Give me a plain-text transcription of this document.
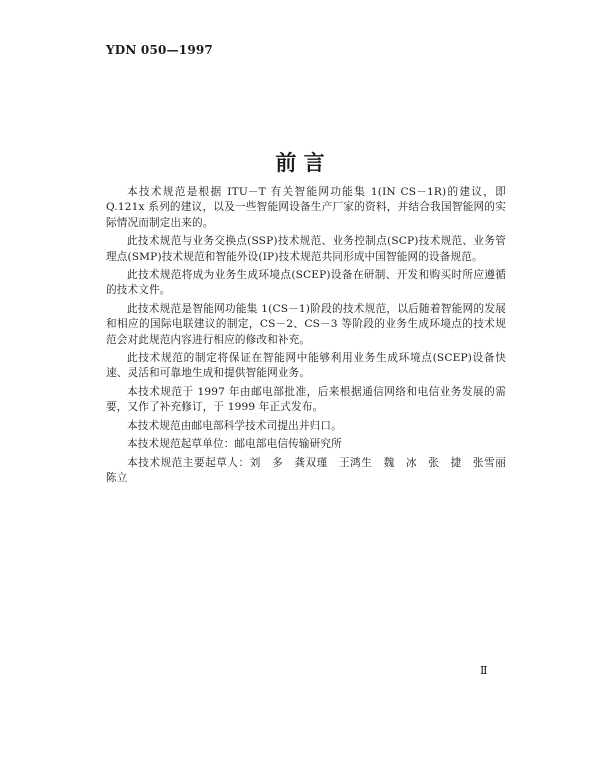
YDN 050—1997
前 言

本技术规范是根据 ITU－T 有关智能网功能集 1(IN CS－1R)的建议，即 Q.121x 系列的建议，以及一些智能网设备生产厂家的资料，并结合我国智能网的实际情况而制定出来的。

此技术规范与业务交换点(SSP)技术规范、业务控制点(SCP)技术规范、业务管理点(SMP)技术规范和智能外设(IP)技术规范共同形成中国智能网的设备规范。

此技术规范将成为业务生成环境点(SCEP)设备在研制、开发和购买时所应遵循的技术文件。

此技术规范是智能网功能集 1(CS－1)阶段的技术规范，以后随着智能网的发展和相应的国际电联建议的制定，CS－2、CS－3 等阶段的业务生成环境点的技术规范会对此规范内容进行相应的修改和补充。

此技术规范的制定将保证在智能网中能够利用业务生成环境点(SCEP)设备快速、灵活和可靠地生成和提供智能网业务。

本技术规范于 1997 年由邮电部批准，后来根据通信网络和电信业务发展的需要，又作了补充修订，于 1999 年正式发布。

本技术规范由邮电部科学技术司提出并归口。

本技术规范起草单位：邮电部电信传输研究所

本技术规范主要起草人：刘　多　龚双瑾　王鸿生　魏　冰　张　捷　张雪丽　陈立

Ⅱ
